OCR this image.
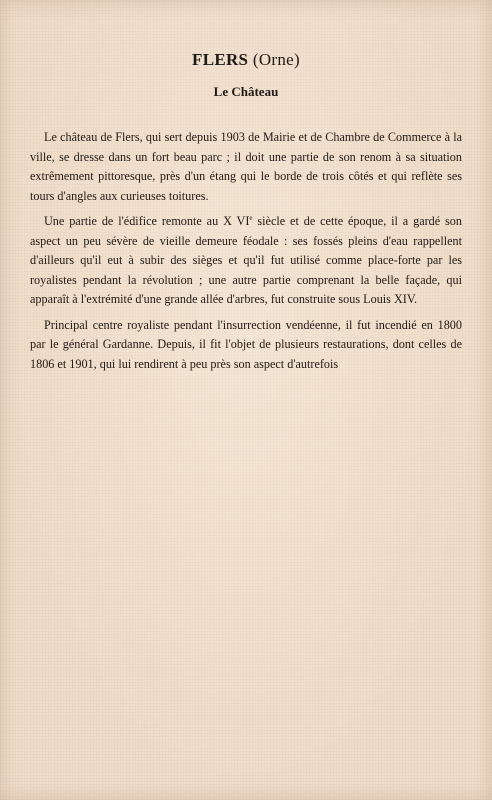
FLERS (Orne)
Le Château

Le château de Flers, qui sert depuis 1903 de Mairie et de Chambre de Commerce à la ville, se dresse dans un fort beau parc ; il doit une partie de son renom à sa situation extrêmement pittoresque, près d'un étang qui le borde de trois côtés et qui reflète ses tours d'angles aux curieuses toitures.

Une partie de l'édifice remonte au X VIe siècle et de cette époque, il a gardé son aspect un peu sévère de vieille demeure féodale : ses fossés pleins d'eau rappellent d'ailleurs qu'il eut à subir des sièges et qu'il fut utilisé comme place-forte par les royalistes pendant la révolution ; une autre partie comprenant la belle façade, qui apparaît à l'extrémité d'une grande allée d'arbres, fut construite sous Louis XIV.

Principal centre royaliste pendant l'insurrection vendéenne, il fut incendié en 1800 par le général Gardanne. Depuis, il fit l'objet de plusieurs restaurations, dont celles de 1806 et 1901, qui lui rendirent à peu près son aspect d'autrefois
